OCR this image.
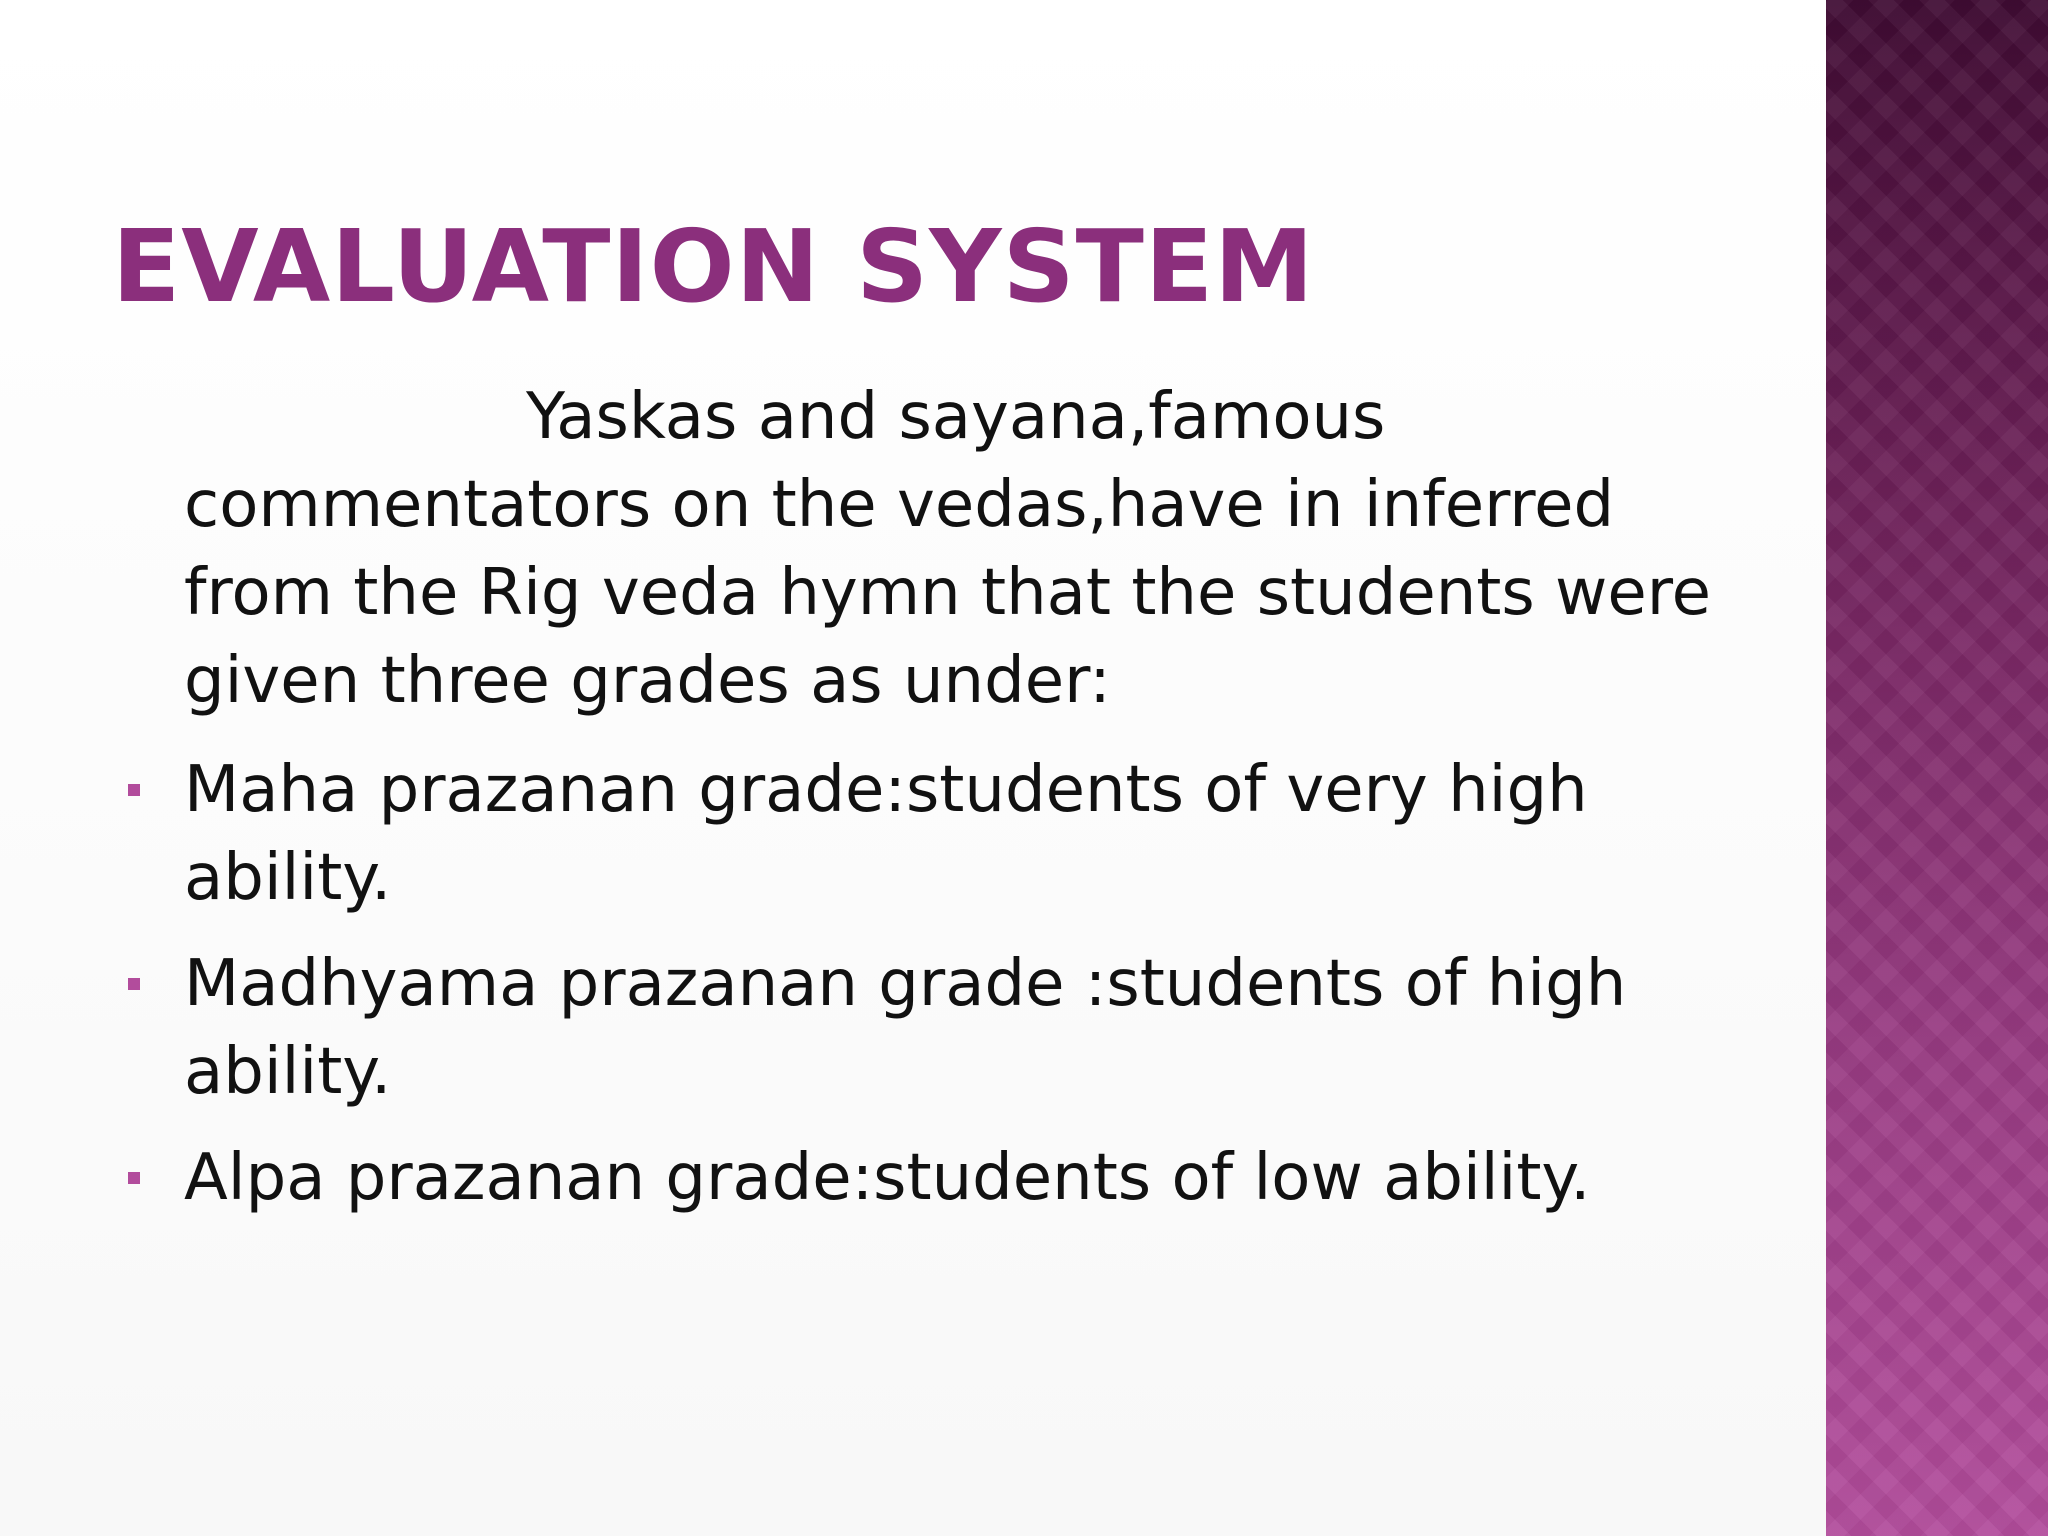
EVALUATION SYSTEM

Yaskas and sayana,famous commentators on the vedas,have in inferred from the Rig veda hymn that the students were given three grades as under:

Maha prazanan grade:students of very high ability.
Madhyama prazanan grade :students of high ability.
Alpa prazanan grade:students of low ability.
